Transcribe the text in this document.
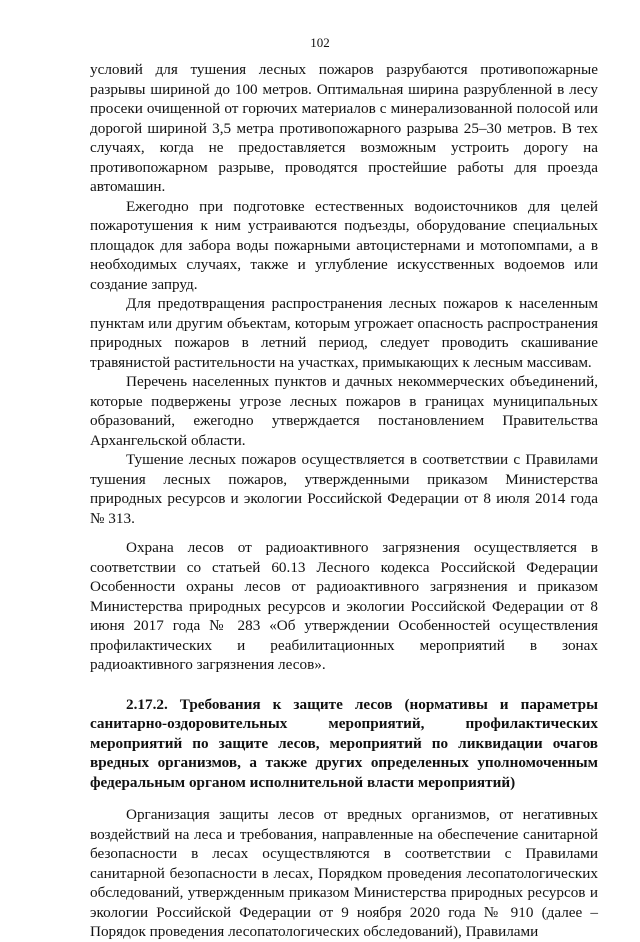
102

условий для тушения лесных пожаров разрубаются противопожарные разрывы шириной до 100 метров. Оптимальная ширина разрубленной в лесу просеки очищенной от горючих материалов с минерализованной полосой или дорогой шириной 3,5 метра противопожарного разрыва 25–30 метров. В тех случаях, когда не предоставляется возможным устроить дорогу на противопожарном разрыве, проводятся простейшие работы для проезда автомашин.

Ежегодно при подготовке естественных водоисточников для целей пожаротушения к ним устраиваются подъезды, оборудование специальных площадок для забора воды пожарными автоцистернами и мотопомпами, а в необходимых случаях, также и углубление искусственных водоемов или создание запруд.

Для предотвращения распространения лесных пожаров к населенным пунктам или другим объектам, которым угрожает опасность распространения природных пожаров в летний период, следует проводить скашивание травянистой растительности на участках, примыкающих к лесным массивам.

Перечень населенных пунктов и дачных некоммерческих объединений, которые подвержены угрозе лесных пожаров в границах муниципальных образований, ежегодно утверждается постановлением Правительства Архангельской области.

Тушение лесных пожаров осуществляется в соответствии с Правилами тушения лесных пожаров, утвержденными приказом Министерства природных ресурсов и экологии Российской Федерации от 8 июля 2014 года № 313.

Охрана лесов от радиоактивного загрязнения осуществляется в соответствии со статьей 60.13 Лесного кодекса Российской Федерации Особенности охраны лесов от радиоактивного загрязнения и приказом Министерства природных ресурсов и экологии Российской Федерации от 8 июня 2017 года № 283 «Об утверждении Особенностей осуществления профилактических и реабилитационных мероприятий в зонах радиоактивного загрязнения лесов».

2.17.2. Требования к защите лесов (нормативы и параметры санитарно-оздоровительных мероприятий, профилактических мероприятий по защите лесов, мероприятий по ликвидации очагов вредных организмов, а также других определенных уполномоченным федеральным органом исполнительной власти мероприятий)

Организация защиты лесов от вредных организмов, от негативных воздействий на леса и требования, направленные на обеспечение санитарной безопасности в лесах осуществляются в соответствии с Правилами санитарной безопасности в лесах, Порядком проведения лесопатологических обследований, утвержденным приказом Министерства природных ресурсов и экологии Российской Федерации от 9 ноября 2020 года № 910 (далее – Порядок проведения лесопатологических обследований), Правилами
